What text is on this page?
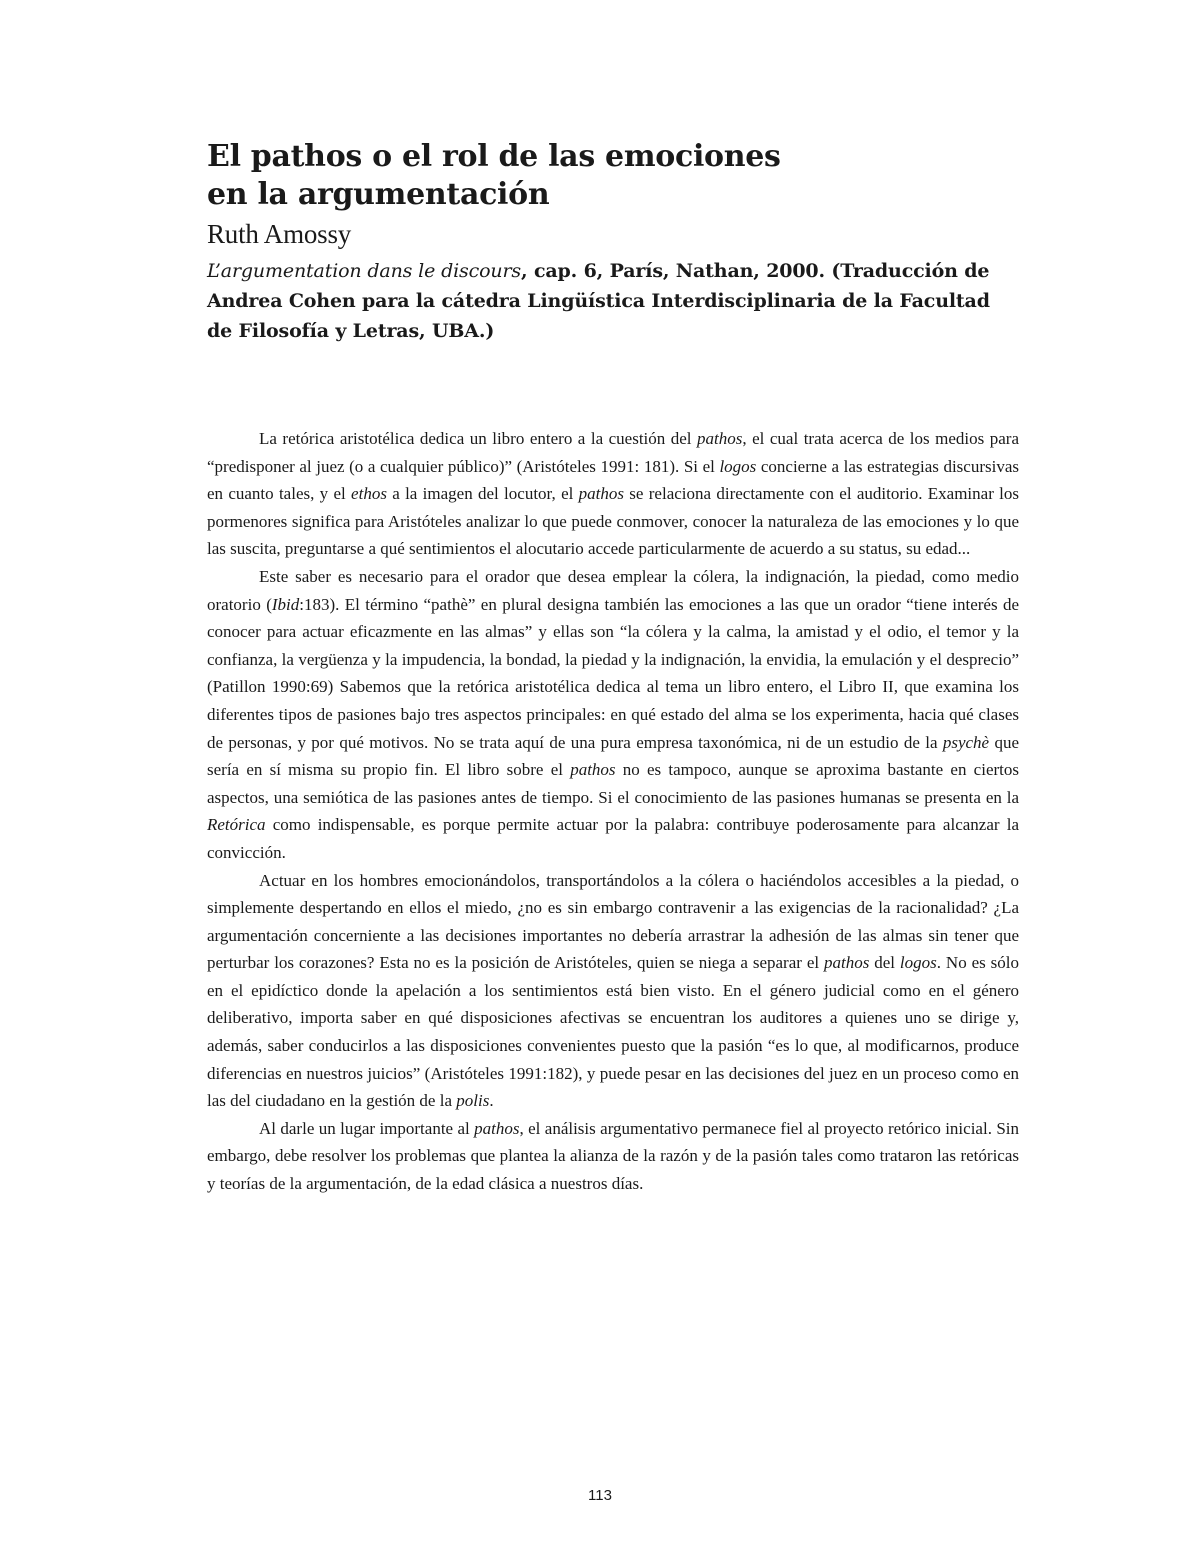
El pathos o el rol de las emociones
en la argumentación
Ruth Amossy

L’argumentation dans le discours, cap. 6, París, Nathan, 2000. (Traducción de Andrea Cohen para la cátedra Lingüística Interdisciplinaria de la Facultad de Filosofía y Letras, UBA.)

La retórica aristotélica dedica un libro entero a la cuestión del pathos, el cual trata acerca de los medios para “predisponer al juez (o a cualquier público)” (Aristóteles 1991: 181). Si el logos concierne a las estrategias discursivas en cuanto tales, y el ethos a la imagen del locutor, el pathos se relaciona directamente con el auditorio. Examinar los pormenores significa para Aristóteles analizar lo que puede conmover, conocer la naturaleza de las emociones y lo que las suscita, preguntarse a qué sentimientos el alocutario accede particularmente de acuerdo a su status, su edad...

Este saber es necesario para el orador que desea emplear la cólera, la indignación, la piedad, como medio oratorio (Ibid:183). El término “pathè” en plural designa también las emociones a las que un orador “tiene interés de conocer para actuar eficazmente en las almas” y ellas son “la cólera y la calma, la amistad y el odio, el temor y la confianza, la vergüenza y la impudencia, la bondad, la piedad y la indignación, la envidia, la emulación y el desprecio” (Patillon 1990:69) Sabemos que la retórica aristotélica dedica al tema un libro entero, el Libro II, que examina los diferentes tipos de pasiones bajo tres aspectos principales: en qué estado del alma se los experimenta, hacia qué clases de personas, y por qué motivos. No se trata aquí de una pura empresa taxonómica, ni de un estudio de la psychè que sería en sí misma su propio fin. El libro sobre el pathos no es tampoco, aunque se aproxima bastante en ciertos aspectos, una semiótica de las pasiones antes de tiempo. Si el conocimiento de las pasiones humanas se presenta en la Retórica como indispensable, es porque permite actuar por la palabra: contribuye poderosamente para alcanzar la convicción.

Actuar en los hombres emocionándolos, transportándolos a la cólera o haciéndolos accesibles a la piedad, o simplemente despertando en ellos el miedo, ¿no es sin embargo contravenir a las exigencias de la racionalidad? ¿La argumentación concerniente a las decisiones importantes no debería arrastrar la adhesión de las almas sin tener que perturbar los corazones? Esta no es la posición de Aristóteles, quien se niega a separar el pathos del logos. No es sólo en el epidíctico donde la apelación a los sentimientos está bien visto. En el género judicial como en el género deliberativo, importa saber en qué disposiciones afectivas se encuentran los auditores a quienes uno se dirige y, además, saber conducirlos a las disposiciones convenientes puesto que la pasión “es lo que, al modificarnos, produce diferencias en nuestros juicios” (Aristóteles 1991:182), y puede pesar en las decisiones del juez en un proceso como en las del ciudadano en la gestión de la polis.

Al darle un lugar importante al pathos, el análisis argumentativo permanece fiel al proyecto retórico inicial. Sin embargo, debe resolver los problemas que plantea la alianza de la razón y de la pasión tales como trataron las retóricas y teorías de la argumentación, de la edad clásica a nuestros días.

113
